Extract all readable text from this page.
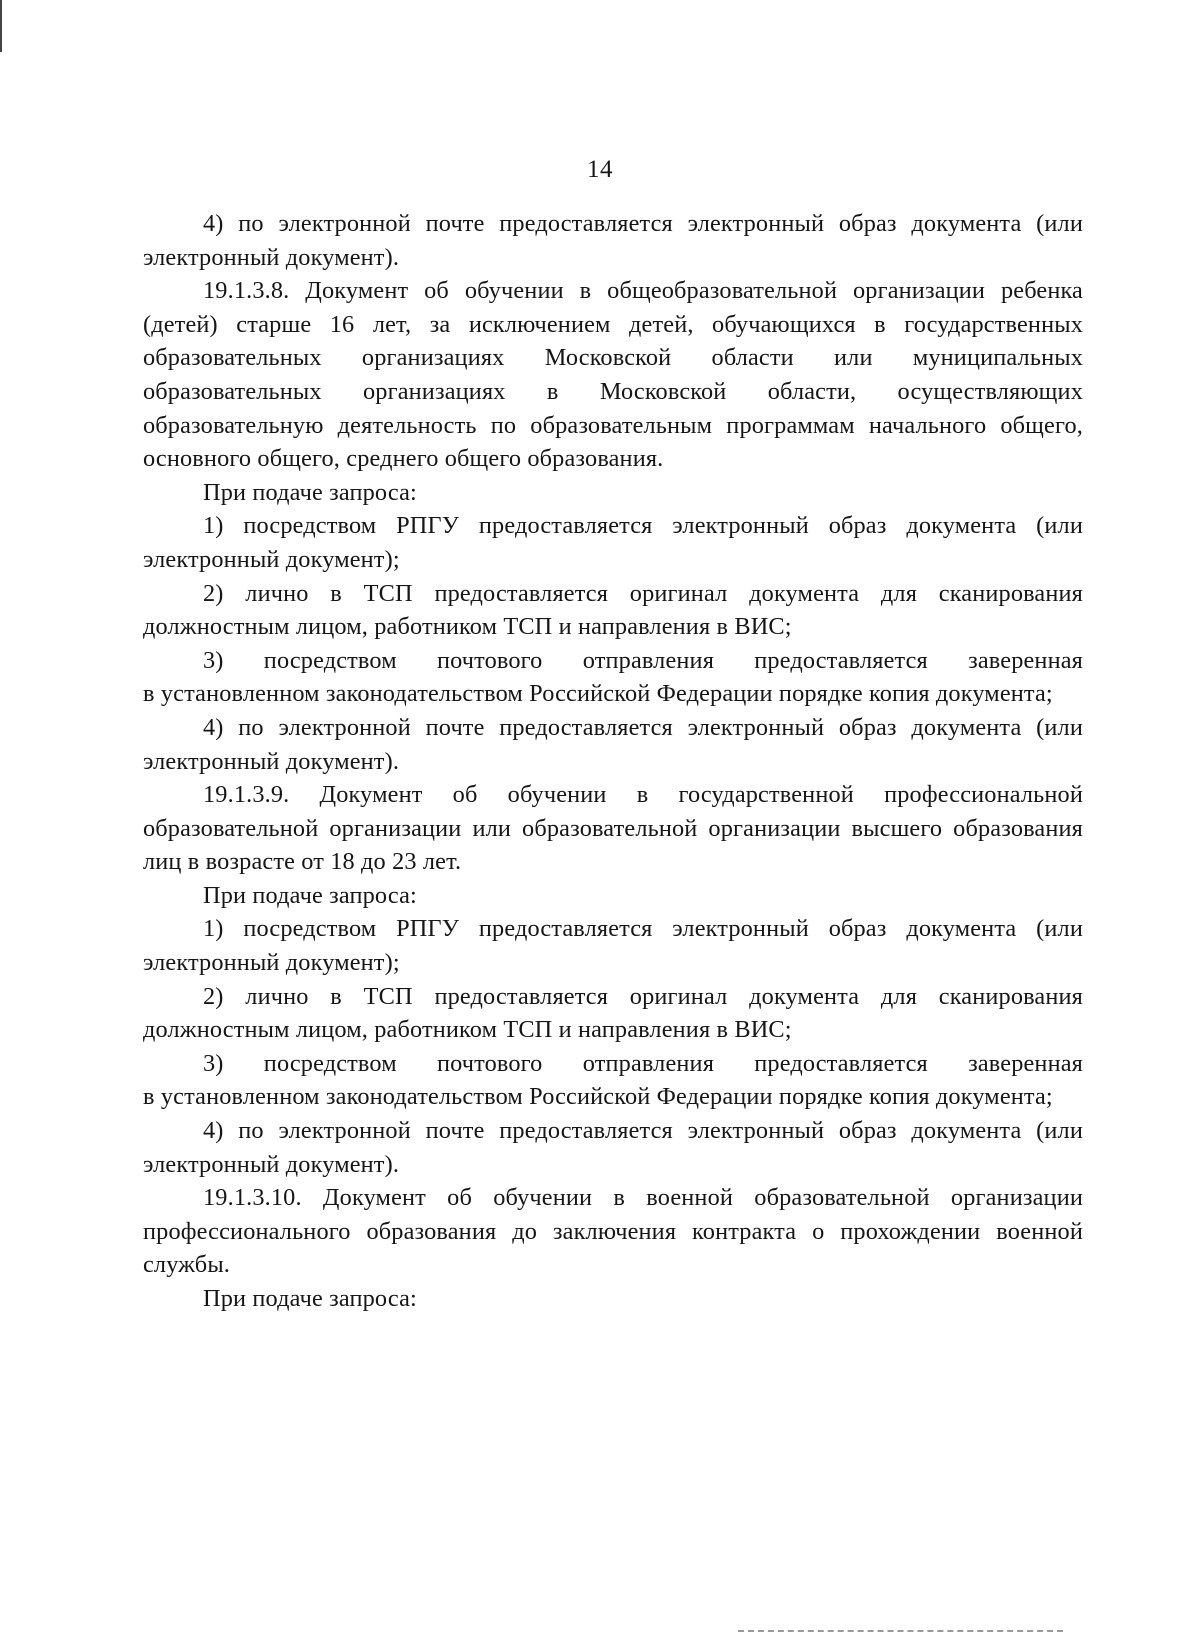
14

4) по электронной почте предоставляется электронный образ документа (или электронный документ).

19.1.3.8. Документ об обучении в общеобразовательной организации ребенка (детей) старше 16 лет, за исключением детей, обучающихся в государственных образовательных организациях Московской области или муниципальных образовательных организациях в Московской области, осуществляющих образовательную деятельность по образовательным программам начального общего, основного общего, среднего общего образования.

При подаче запроса:

1) посредством РПГУ предоставляется электронный образ документа (или электронный документ);

2) лично в ТСП предоставляется оригинал документа для сканирования должностным лицом, работником ТСП и направления в ВИС;

3) посредством почтового отправления предоставляется заверенная в установленном законодательством Российской Федерации порядке копия документа;

4) по электронной почте предоставляется электронный образ документа (или электронный документ).

19.1.3.9. Документ об обучении в государственной профессиональной образовательной организации или образовательной организации высшего образования лиц в возрасте от 18 до 23 лет.

При подаче запроса:

1) посредством РПГУ предоставляется электронный образ документа (или электронный документ);

2) лично в ТСП предоставляется оригинал документа для сканирования должностным лицом, работником ТСП и направления в ВИС;

3) посредством почтового отправления предоставляется заверенная в установленном законодательством Российской Федерации порядке копия документа;

4) по электронной почте предоставляется электронный образ документа (или электронный документ).

19.1.3.10. Документ об обучении в военной образовательной организации профессионального образования до заключения контракта о прохождении военной службы.

При подаче запроса:
